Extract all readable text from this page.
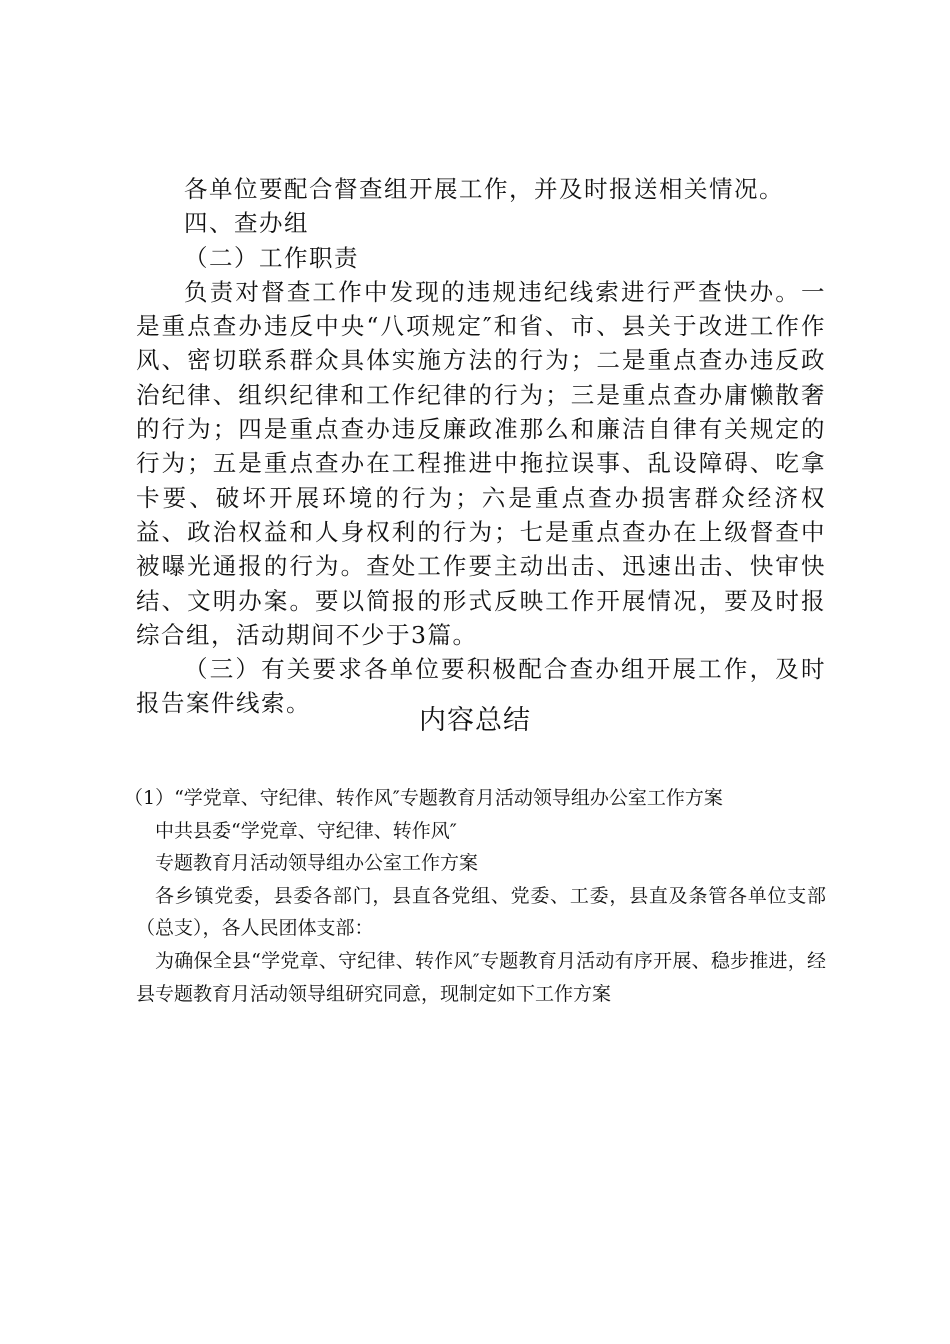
各单位要配合督查组开展工作，并及时报送相关情况。

四、查办组

（二）工作职责

负责对督查工作中发现的违规违纪线索进行严查快办。一是重点查办违反中央“八项规定″和省、市、县关于改进工作作风、密切联系群众具体实施方法的行为；二是重点查办违反政治纪律、组织纪律和工作纪律的行为；三是重点查办庸懒散奢的行为；四是重点查办违反廉政准那么和廉洁自律有关规定的行为；五是重点查办在工程推进中拖拉误事、乱设障碍、吃拿卡要、破坏开展环境的行为；六是重点查办损害群众经济权益、政治权益和人身权利的行为；七是重点查办在上级督查中被曝光通报的行为。查处工作要主动出击、迅速出击、快审快结、文明办案。要以简报的形式反映工作开展情况，要及时报综合组，活动期间不少于3篇。

（三）有关要求各单位要积极配合查办组开展工作，及时报告案件线索。

内容总结

（1）“学党章、守纪律、转作风″专题教育月活动领导组办公室工作方案

中共县委“学党章、守纪律、转作风″

专题教育月活动领导组办公室工作方案

各乡镇党委，县委各部门，县直各党组、党委、工委，县直及条管各单位支部（总支），各人民团体支部：

为确保全县“学党章、守纪律、转作风″专题教育月活动有序开展、稳步推进，经县专题教育月活动领导组研究同意，现制定如下工作方案
